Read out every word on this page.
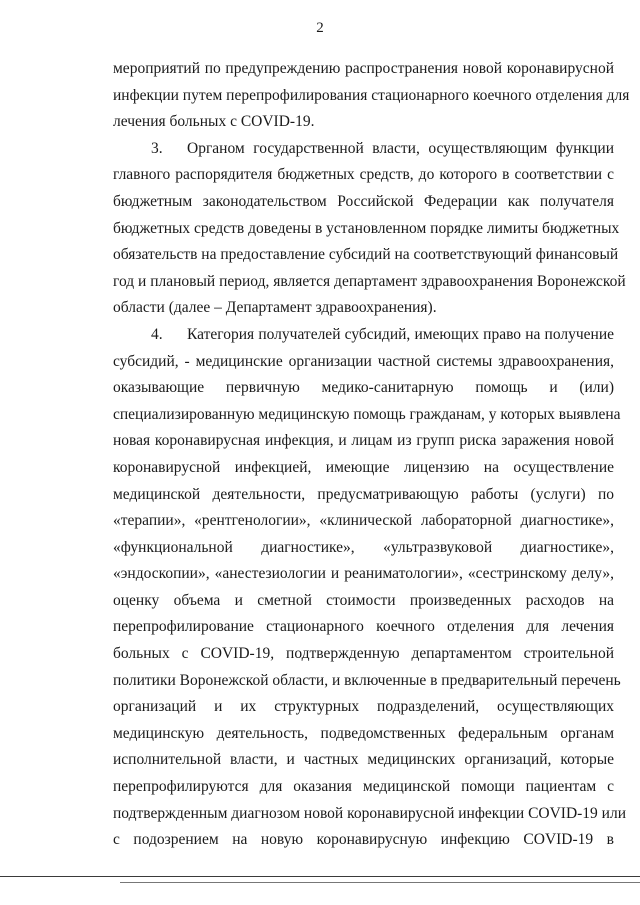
2

мероприятий по предупреждению распространения новой коронавирусной
инфекции путем перепрофилирования стационарного коечного отделения для
лечения больных с COVID-19.

3. Органом государственной власти, осуществляющим функции
главного распорядителя бюджетных средств, до которого в соответствии с
бюджетным законодательством Российской Федерации как получателя
бюджетных средств доведены в установленном порядке лимиты бюджетных
обязательств на предоставление субсидий на соответствующий финансовый
год и плановый период, является департамент здравоохранения Воронежской
области (далее – Департамент здравоохранения).

4. Категория получателей субсидий, имеющих право на получение
субсидий, - медицинские организации частной системы здравоохранения,
оказывающие первичную медико-санитарную помощь и (или)
специализированную медицинскую помощь гражданам, у которых выявлена
новая коронавирусная инфекция, и лицам из групп риска заражения новой
коронавирусной инфекцией, имеющие лицензию на осуществление
медицинской деятельности, предусматривающую работы (услуги) по
«терапии», «рентгенологии», «клинической лабораторной диагностике»,
«функциональной диагностике», «ультразвуковой диагностике»,
«эндоскопии», «анестезиологии и реаниматологии», «сестринскому делу»,
оценку объема и сметной стоимости произведенных расходов на
перепрофилирование стационарного коечного отделения для лечения
больных с COVID-19, подтвержденную департаментом строительной
политики Воронежской области, и включенные в предварительный перечень
организаций и их структурных подразделений, осуществляющих
медицинскую деятельность, подведомственных федеральным органам
исполнительной власти, и частных медицинских организаций, которые
перепрофилируются для оказания медицинской помощи пациентам с
подтвержденным диагнозом новой коронавирусной инфекции COVID-19 или
с подозрением на новую коронавирусную инфекцию COVID-19 в
